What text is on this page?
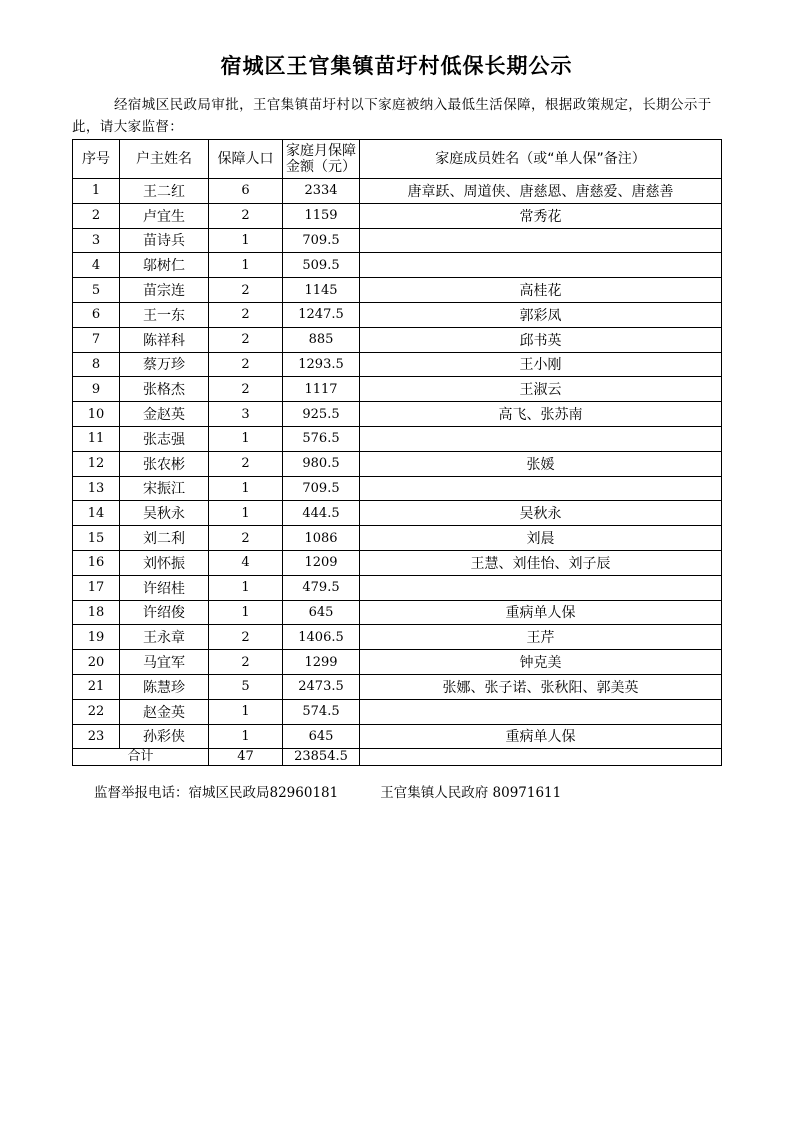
宿城区王官集镇苗圩村低保长期公示
经宿城区民政局审批，王官集镇苗圩村以下家庭被纳入最低生活保障，根据政策规定，长期公示于此，请大家监督：
序号	户主姓名	保障人口	家庭月保障金额（元）	家庭成员姓名（或“单人保”备注）
1	王二红	6	2334	唐章跃、周道侠、唐慈恩、唐慈爱、唐慈善
2	卢宜生	2	1159	常秀花
3	苗诗兵	1	709.5	
4	邬树仁	1	509.5	
5	苗宗连	2	1145	高桂花
6	王一东	2	1247.5	郭彩凤
7	陈祥科	2	885	邱书英
8	蔡万珍	2	1293.5	王小刚
9	张格杰	2	1117	王淑云
10	金赵英	3	925.5	高飞、张苏南
11	张志强	1	576.5	
12	张农彬	2	980.5	张媛
13	宋振江	1	709.5	
14	吴秋永	1	444.5	吴秋永
15	刘二利	2	1086	刘晨
16	刘怀振	4	1209	王慧、刘佳怡、刘子辰
17	许绍桂	1	479.5	
18	许绍俊	1	645	重病单人保
19	王永章	2	1406.5	王芹
20	马宜军	2	1299	钟克美
21	陈慧珍	5	2473.5	张娜、张子诺、张秋阳、郭美英
22	赵金英	1	574.5	
23	孙彩侠	1	645	重病单人保
合计		47	23854.5	
监督举报电话：宿城区民政局82960181	王官集镇人民政府 80971611
